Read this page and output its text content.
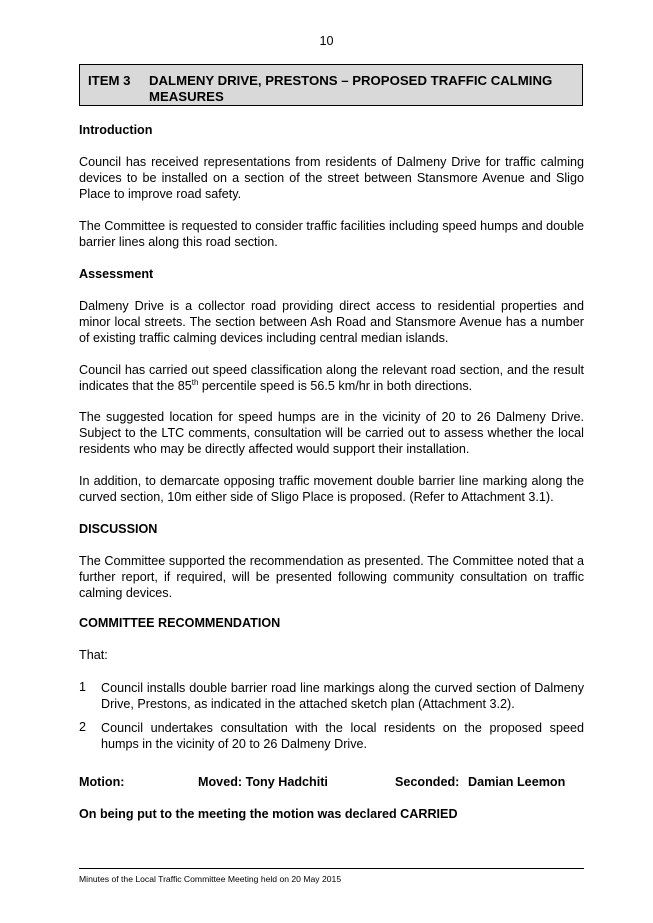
10
ITEM 3 DALMENY DRIVE, PRESTONS – PROPOSED TRAFFIC CALMING MEASURES
Introduction
Council has received representations from residents of Dalmeny Drive for traffic calming devices to be installed on a section of the street between Stansmore Avenue and Sligo Place to improve road safety.
The Committee is requested to consider traffic facilities including speed humps and double barrier lines along this road section.
Assessment
Dalmeny Drive is a collector road providing direct access to residential properties and minor local streets. The section between Ash Road and Stansmore Avenue has a number of existing traffic calming devices including central median islands.
Council has carried out speed classification along the relevant road section, and the result indicates that the 85th percentile speed is 56.5 km/hr in both directions.
The suggested location for speed humps are in the vicinity of 20 to 26 Dalmeny Drive. Subject to the LTC comments, consultation will be carried out to assess whether the local residents who may be directly affected would support their installation.
In addition, to demarcate opposing traffic movement double barrier line marking along the curved section, 10m either side of Sligo Place is proposed. (Refer to Attachment 3.1).
DISCUSSION
The Committee supported the recommendation as presented. The Committee noted that a further report, if required, will be presented following community consultation on traffic calming devices.
COMMITTEE RECOMMENDATION
That:
1 Council installs double barrier road line markings along the curved section of Dalmeny Drive, Prestons, as indicated in the attached sketch plan (Attachment 3.2).
2 Council undertakes consultation with the local residents on the proposed speed humps in the vicinity of 20 to 26 Dalmeny Drive.
Motion:	Moved: Tony Hadchiti	Seconded: Damian Leemon
On being put to the meeting the motion was declared CARRIED
Minutes of the Local Traffic Committee Meeting held on 20 May 2015
